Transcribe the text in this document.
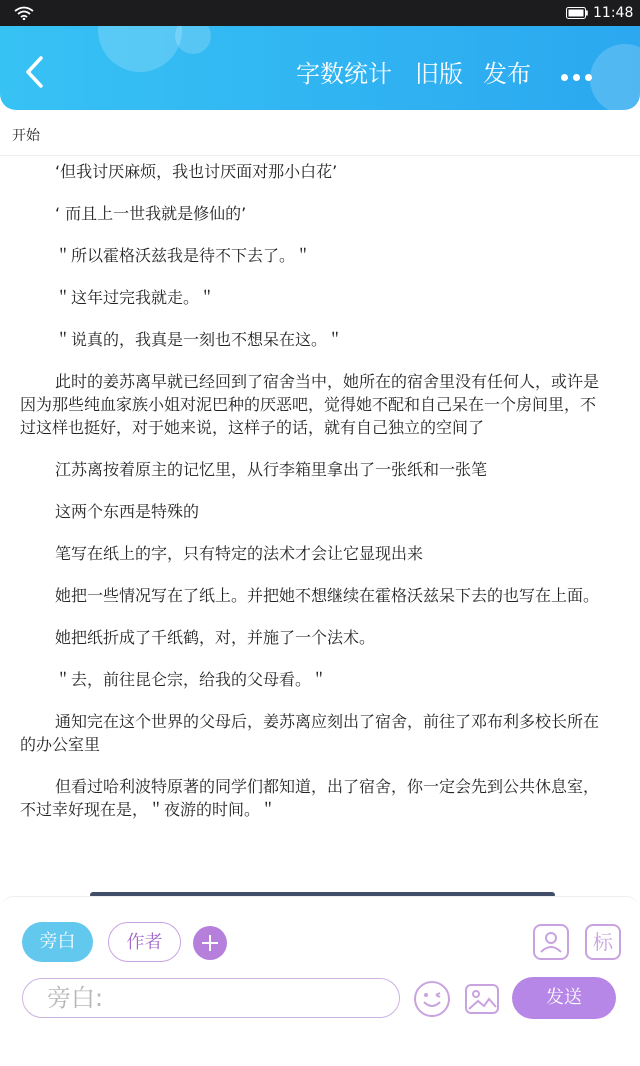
11:48
字数统计 旧版 发布
开始

‘但我讨厌麻烦，我也讨厌面对那小白花’

‘ 而且上一世我就是修仙的’

＂所以霍格沃兹我是待不下去了。＂

＂这年过完我就走。＂

＂说真的，我真是一刻也不想呆在这。＂

此时的姜苏离早就已经回到了宿舍当中，她所在的宿舍里没有任何人，或许是因为那些纯血家族小姐对泥巴种的厌恶吧，觉得她不配和自己呆在一个房间里，不过这样也挺好，对于她来说，这样子的话，就有自己独立的空间了

江苏离按着原主的记忆里，从行李箱里拿出了一张纸和一张笔

这两个东西是特殊的

笔写在纸上的字，只有特定的法术才会让它显现出来

她把一些情况写在了纸上。并把她不想继续在霍格沃兹呆下去的也写在上面。

她把纸折成了千纸鹤，对，并施了一个法术。

＂去，前往昆仑宗，给我的父母看。＂

通知完在这个世界的父母后，姜苏离应刻出了宿舍，前往了邓布利多校长所在的办公室里

但看过哈利波特原著的同学们都知道，出了宿舍，你一定会先到公共休息室，不过幸好现在是，＂夜游的时间。＂

旁白	作者	标
旁白:	发送
